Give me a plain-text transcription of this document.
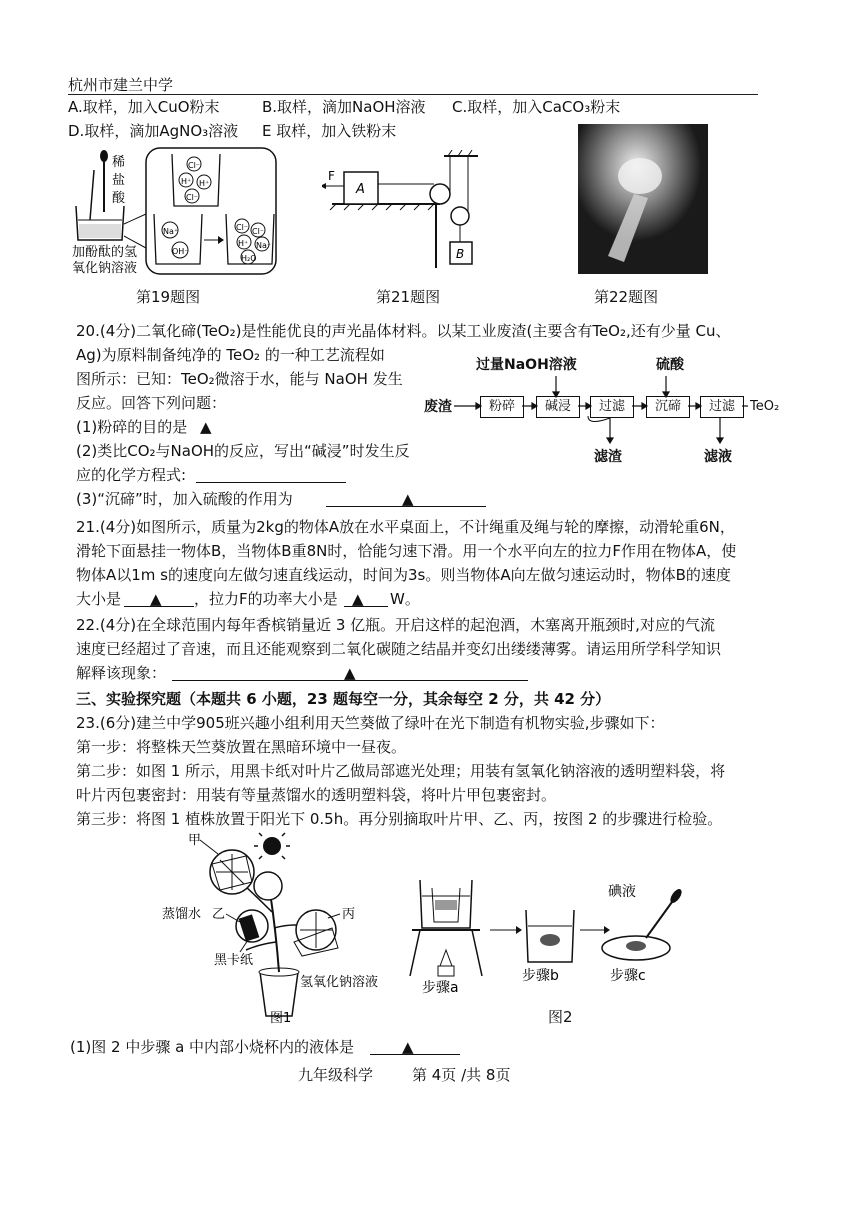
杭州市建兰中学
A.取样，加入CuO粉末	B.取样，滴加NaOH溶液 C.取样，加入CaCO₃粉末
D.取样，滴加AgNO₃溶液 E 取样，加入铁粉末
稀
盐
酸
加酚酞的氢
氧化钠溶液
Cl⁻
H⁺ H⁺
Cl⁻
Na⁺
OH⁻
Cl⁻ Cl⁻
H⁺ Na⁺
H₂O
第19题图
F
A
B
第21题图	第22题图
20.(4分)二氧化碲(TeO₂)是性能优良的声光晶体材料。以某工业废渣(主要含有TeO₂,还有少量 Cu、
Ag)为原料制备纯净的 TeO₂ 的一种工艺流程如
图所示：已知：TeO₂微溶于水，能与 NaOH 发生
反应。回答下列问题：
(1)粉碎的目的是 ▲
(2)类比CO₂与NaOH的反应，写出“碱浸”时发生反
应的化学方程式:
(3)“沉碲”时，加入硫酸的作用为	▲
过量NaOH溶液	硫酸
废渣	粉碎	碱浸	过滤	沉碲	过滤	TeO₂
滤渣	滤液
21.(4分)如图所示，质量为2kg的物体A放在水平桌面上，不计绳重及绳与轮的摩擦，动滑轮重6N，
滑轮下面悬挂一物体B，当物体B重8N时，恰能匀速下滑。用一个水平向左的拉力F作用在物体A，使
物体A以1m s的速度向左做匀速直线运动，时间为3s。则当物体A向左做匀速运动时，物体B的速度
大小是 ▲ ，拉力F的功率大小是 ▲ W。
22.(4分)在全球范围内每年香槟销量近 3 亿瓶。开启这样的起泡酒，木塞离开瓶颈时,对应的气流
速度已经超过了音速，而且还能观察到二氧化碳随之结晶并变幻出缕缕薄雾。请运用所学科学知识
解释该现象：	▲
三、实验探究题（本题共 6 小题，23 题每空一分，其余每空 2 分，共 42 分）
23.(6分)建兰中学905班兴趣小组利用天竺葵做了绿叶在光下制造有机物实验,步骤如下：
第一步：将整株天竺葵放置在黑暗环境中一昼夜。
第二步：如图 1 所示，用黑卡纸对叶片乙做局部遮光处理；用装有氢氧化钠溶液的透明塑料袋，将
叶片丙包裹密封：用装有等量蒸馏水的透明塑料袋，将叶片甲包裹密封。
第三步：将图 1 植株放置于阳光下 0.5h。再分别摘取叶片甲、乙、丙，按图 2 的步骤进行检验。
甲
蒸馏水 乙	丙
黑卡纸
氢氧化钠溶液
图1
碘液
步骤b	步骤c
步骤a
图2
(1)图 2 中步骤 a 中内部小烧杯内的液体是	▲
九年级科学	第 4页 /共 8页
